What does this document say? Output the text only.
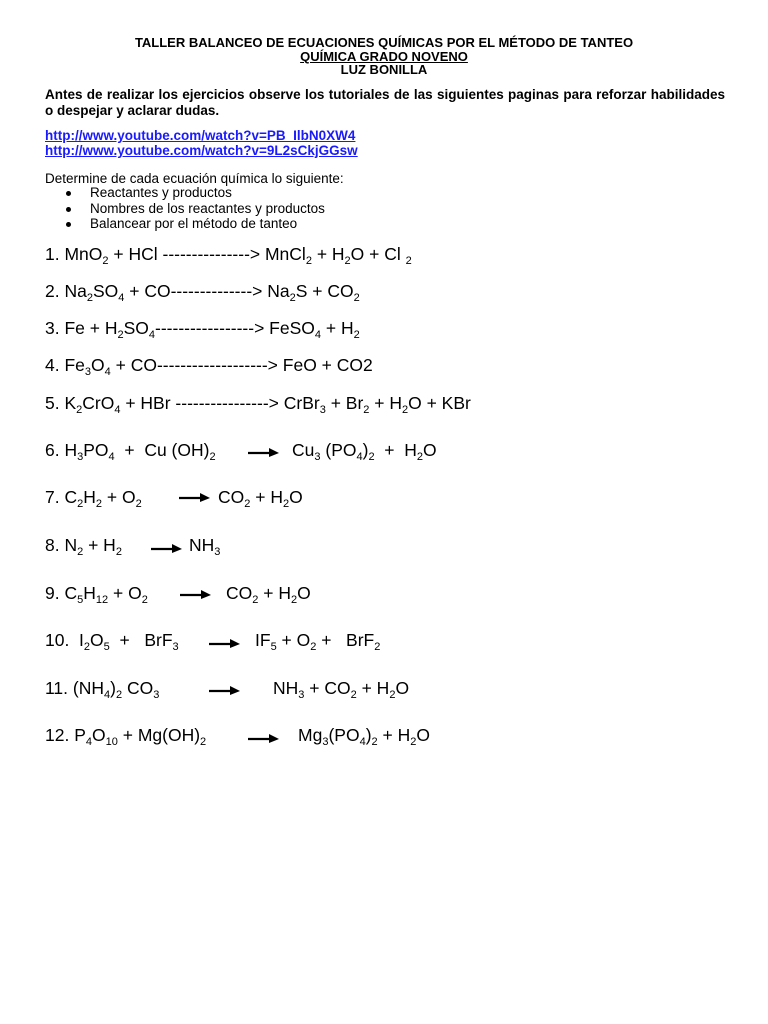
TALLER BALANCEO DE ECUACIONES QUÍMICAS POR EL MÉTODO DE TANTEO
QUÍMICA GRADO NOVENO
LUZ BONILLA
Antes de realizar los ejercicios observe los tutoriales de las siguientes paginas para reforzar habilidades o despejar y aclarar dudas.
http://www.youtube.com/watch?v=PB_IlbN0XW4
http://www.youtube.com/watch?v=9L2sCkjGGsw
Determine de cada ecuación química lo siguiente:
Reactantes y productos
Nombres de los reactantes y productos
Balancear por el método de tanteo
1. MnO$_2$ + HCl ---------------> MnCl$_2$ + $H_2O + Cl$ $_2$
2. $Na_2SO_4 + CO--------------> Na_2S + CO_2$
3. $Fe + H_2SO_4----------------->$ FeSO$_4$ + $H_2$
4. $Fe_3O_4 + CO------------------->$ FeO + CO2
5. $K_2CrO_4$ + HBr ----------------> CrBr$_3$ + $Br_2 + H_2O$ + KBr
6. $H_3PO_4 + Cu$ $(OH)_2 \to Cu_3$ $(PO_4)_2 + H_2O$
7. $C_2H_2 + O_2 \to CO_2 + H_2O$
8. $N_2 + H_2 \to NH_3$
9. $C_5H_{12} + O_2 \to CO_2 + H_2O$
10.  $I_2O_5 + BrF_3 \to IF_5 + O_2 + BrF_2$
11. $(NH_4)_2$ $CO_3$	$NH_3 + CO_2 + H_2O$
12. $P_4O_{10} + Mg(OH)_2$	→ $Mg_3(PO_4)_2 + H_2O$
